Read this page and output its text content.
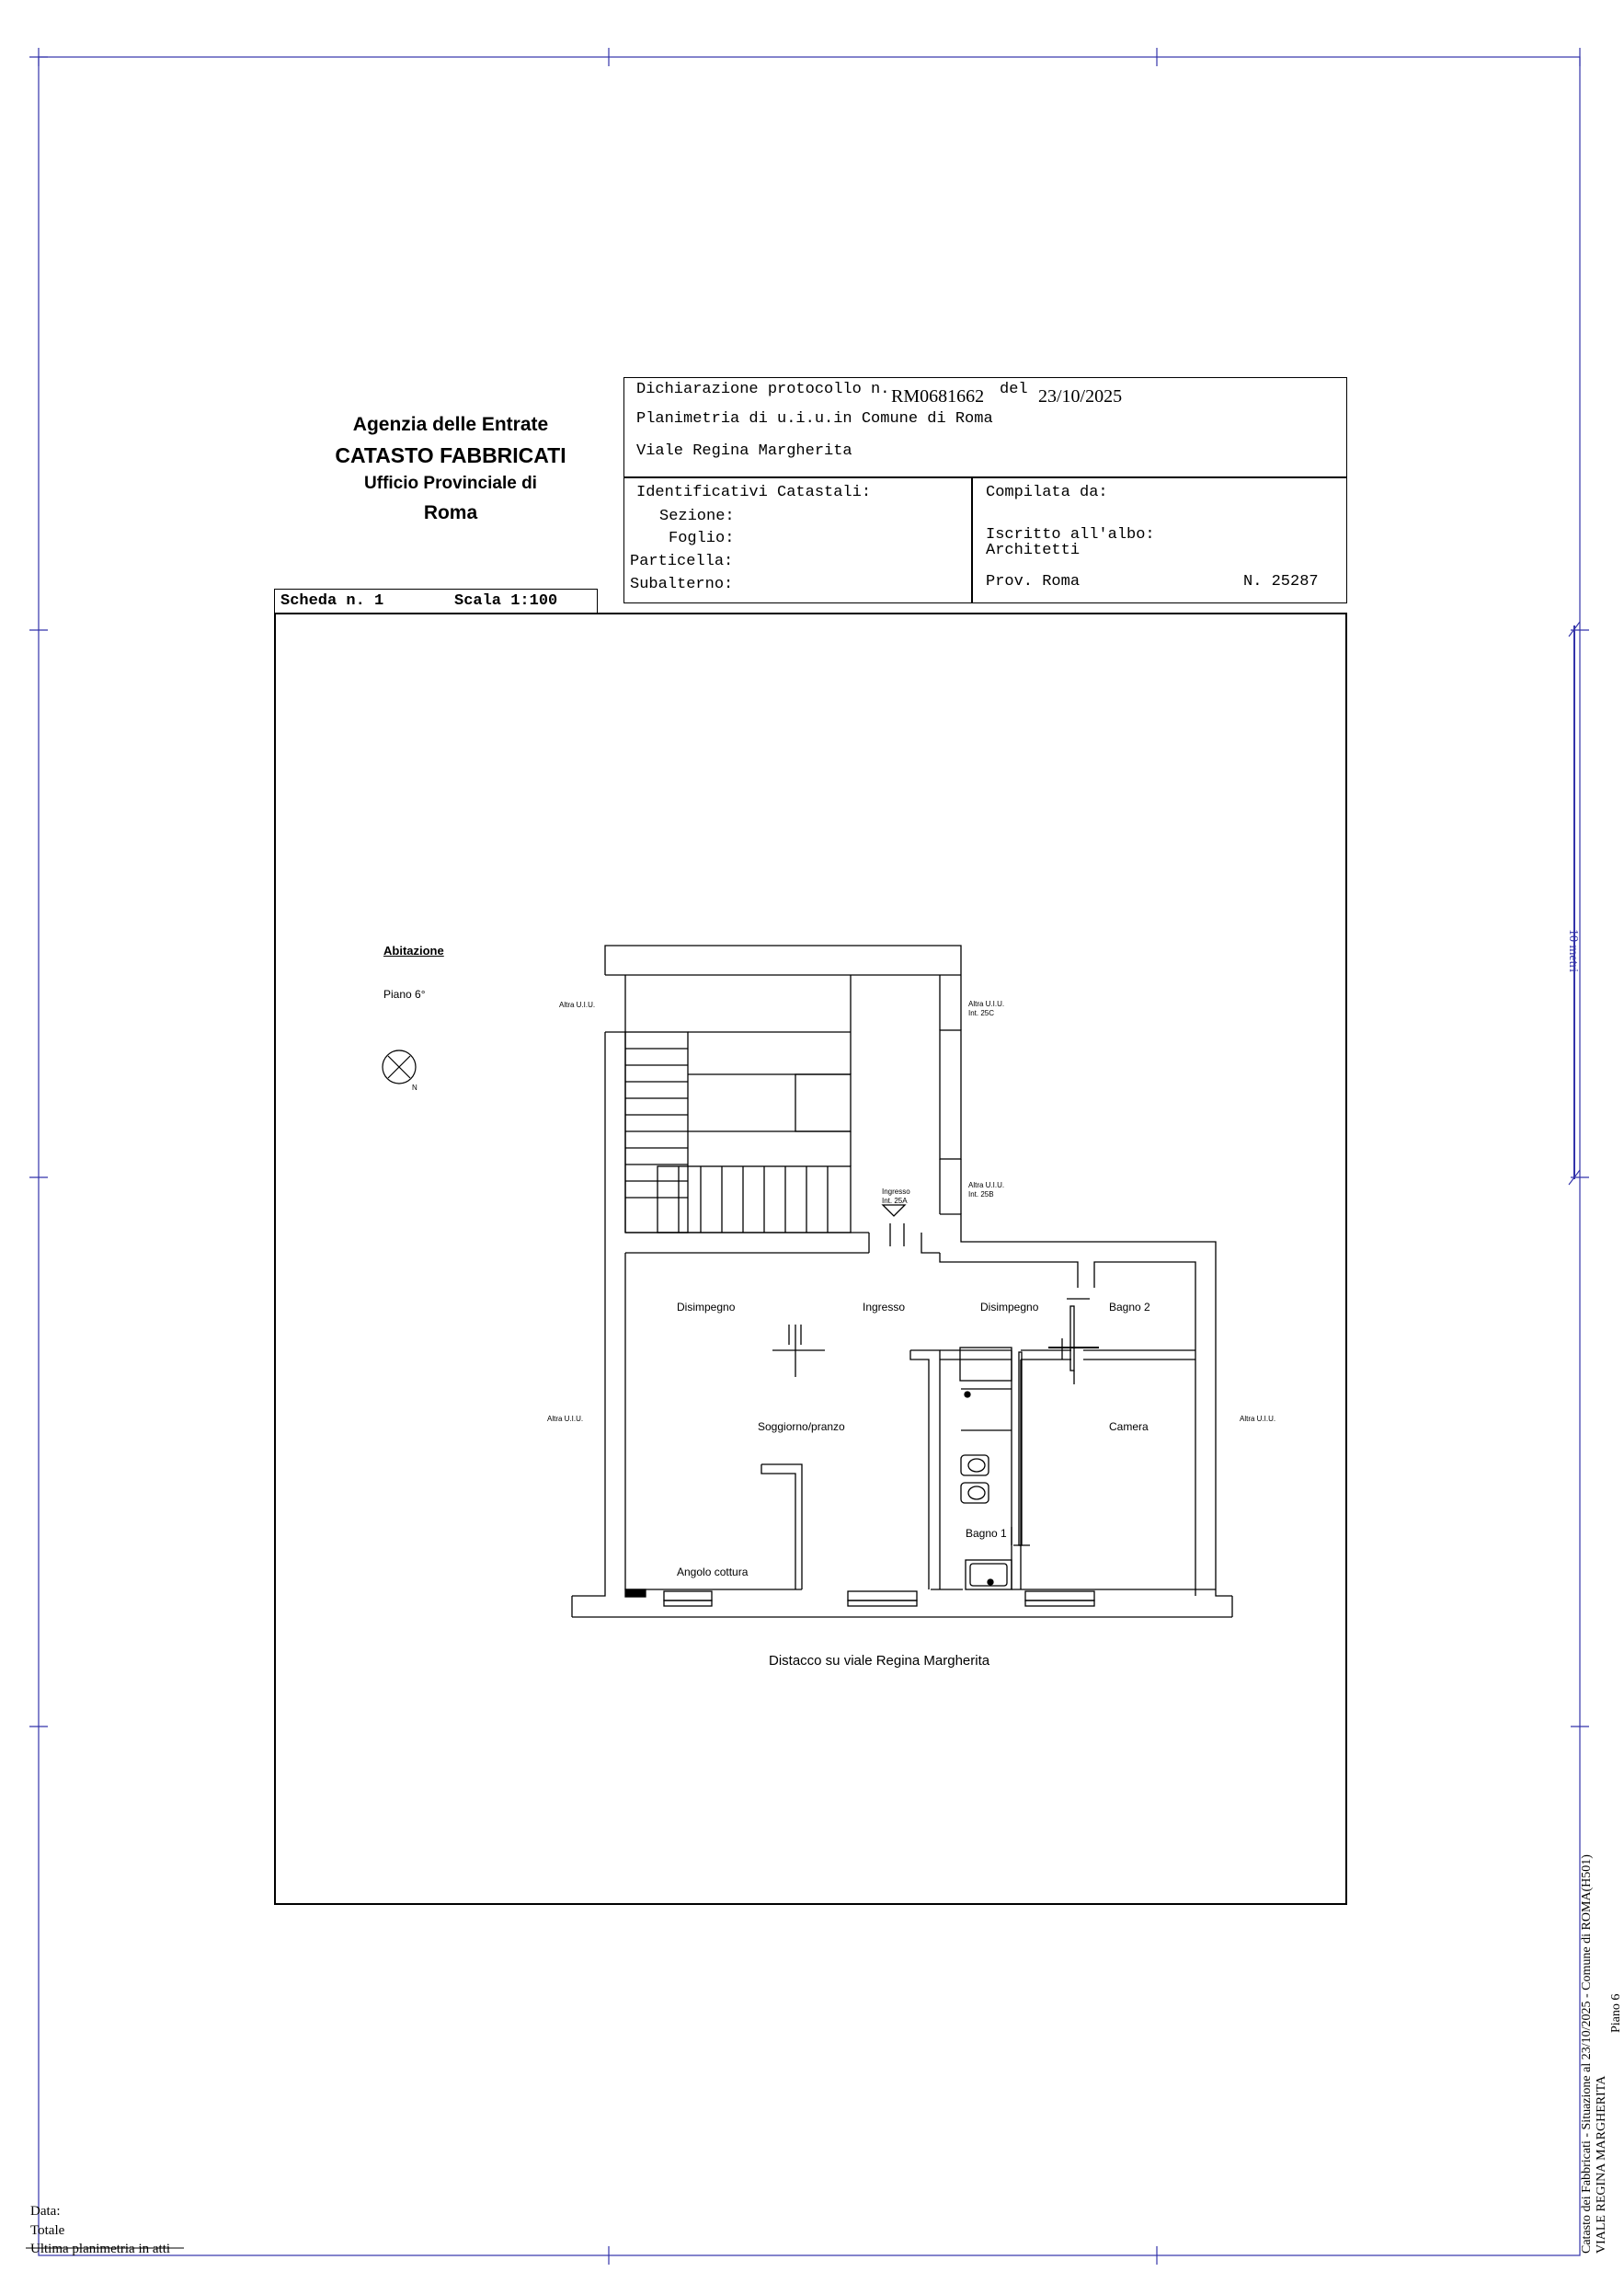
Agenzia delle Entrate
CATASTO FABBRICATI
Ufficio Provinciale di
Roma
Dichiarazione protocollo n. RM0681662 del 23/10/2025
Planimetria di u.i.u.in Comune di Roma
Viale Regina Margherita
Identificativi Catastali:
Sezione:
Foglio:
Particella:
Subalterno:
Compilata da:
Iscritto all'albo:
Architetti
Prov. Roma	N. 25287
Scheda n. 1	Scala 1:100
Abitazione
Piano 6°
N
Altra U.I.U.	Altra U.I.U.
Int. 25C
Altra U.I.U.
Int. 25B
Ingresso
Int. 25A
Altra U.I.U.	Altra U.I.U.
Disimpegno	Ingresso	Disimpegno	Bagno 2
Soggiorno/pranzo	Camera
Bagno 1
Angolo cottura
Distacco su viale Regina Margherita
10 metri
Catasto dei Fabbricati - Situazione al 23/10/2025 - Comune di ROMA(H501) VIALE REGINA MARGHERITA
Piano 6
Data:
Totale
Ultima planimetria in atti
